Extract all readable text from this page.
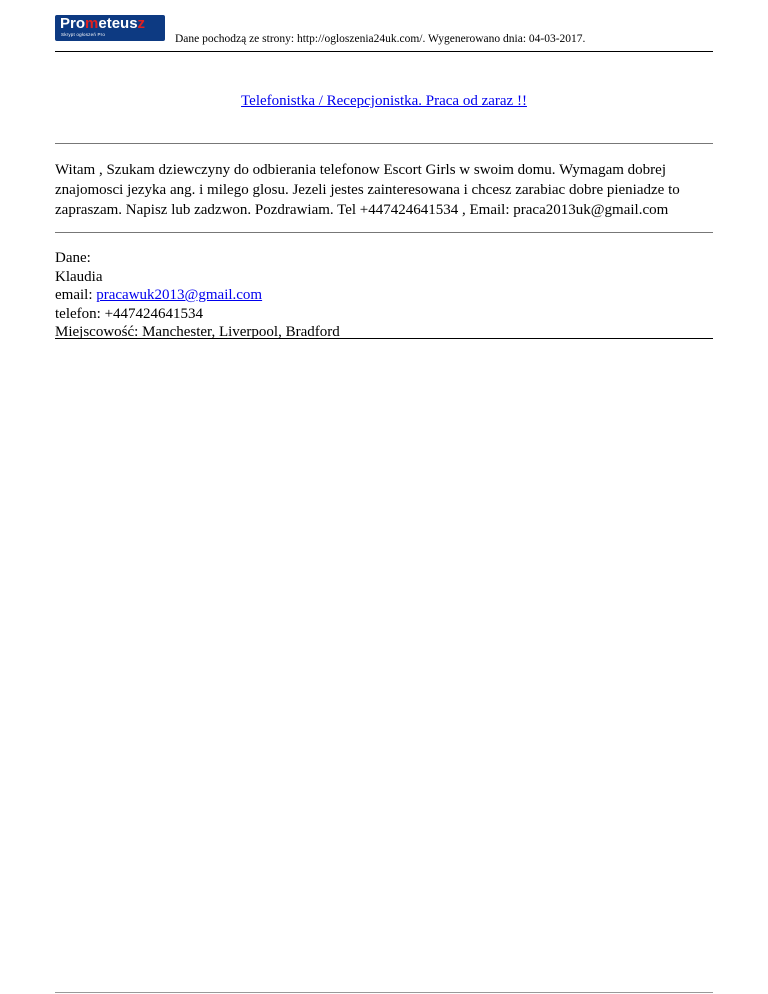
Prometeusz
Skrypt ogłoszeń Pro	Dane pochodzą ze strony: http://ogloszenia24uk.com/. Wygenerowano dnia: 04-03-2017.
Telefonistka / Recepcjonistka. Praca od zaraz !!
Witam , Szukam dziewczyny do odbierania telefonow Escort Girls w swoim domu. Wymagam dobrej znajomosci jezyka ang. i milego glosu. Jezeli jestes zainteresowana i chcesz zarabiac dobre pieniadze to zapraszam. Napisz lub zadzwon. Pozdrawiam. Tel +447424641534 , Email: praca2013uk@gmail.com
Dane:
Klaudia
email: pracawuk2013@gmail.com
telefon: +447424641534
Miejscowość: Manchester, Liverpool, Bradford
